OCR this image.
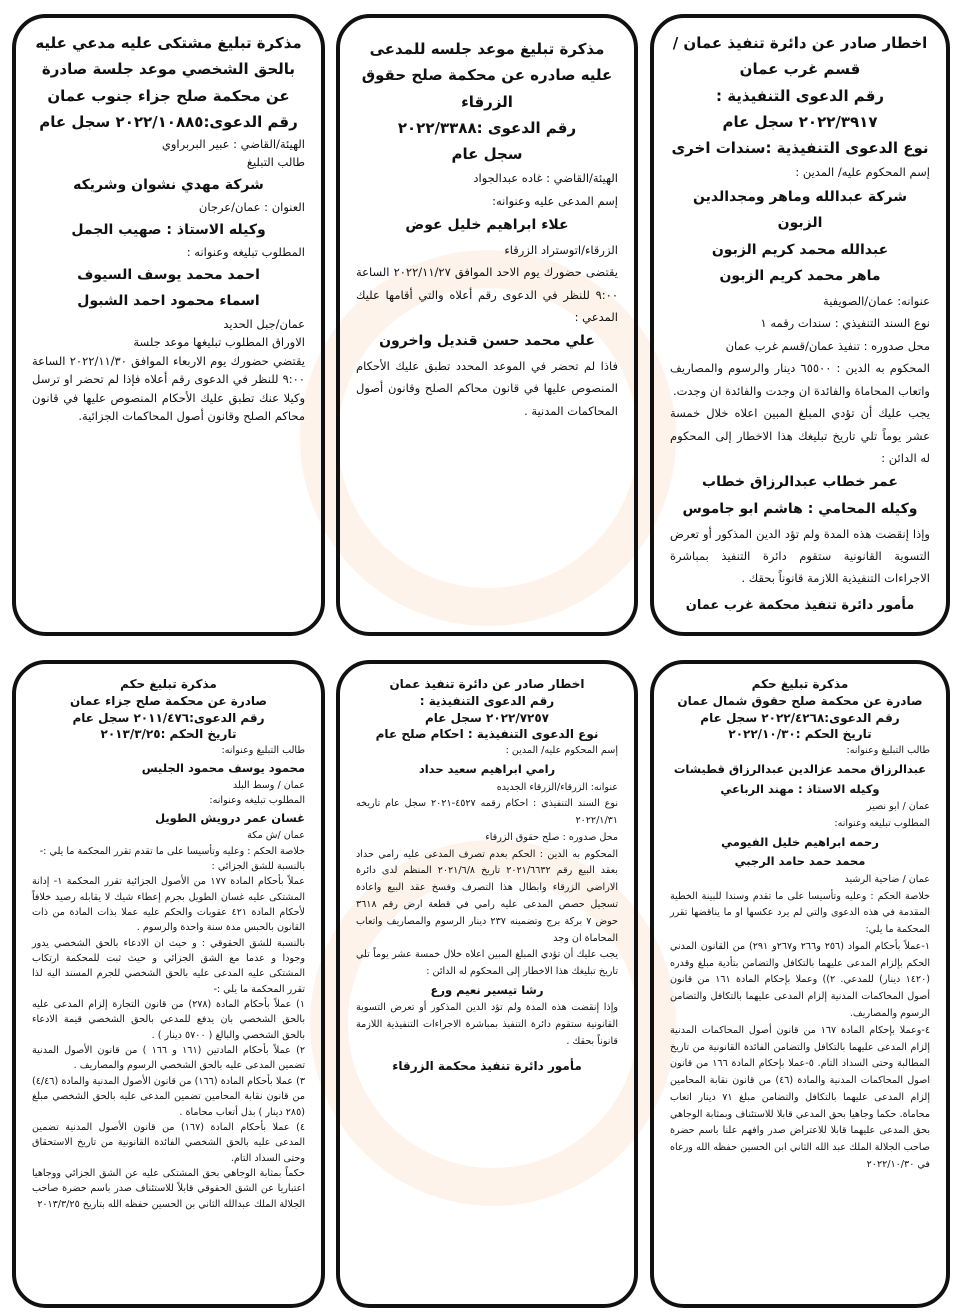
اخطار صادر عن دائرة تنفيذ عمان / قسم غرب عمان

رقم الدعوى التنفيذية :

٢٠٢٢/٣٩١٧ سجل عام

نوع الدعوى التنفيذية :سندات اخرى

إسم المحكوم عليه/ المدين :

شركة عبدالله وماهر ومجدالدين الزبون

عبدالله محمد كريم الزبون

ماهر محمد كريم الزبون

عنوانه: عمان/الصويفية

نوع السند التنفيذي : سندات رقمه ١

محل صدوره : تنفيذ عمان/قسم غرب عمان

المحكوم به الدين : ٦٥٥٠٠ دينار والرسوم والمصاريف واتعاب المحاماة والفائدة ان وجدت والفائدة ان وجدت.

يجب عليك أن تؤدي المبلغ المبين اعلاه خلال خمسة عشر يوماً تلي تاريخ تبليغك هذا الاخطار إلى المحكوم له الدائن :

عمر خطاب عبدالرزاق خطاب

وكيله المحامي : هاشم ابو جاموس

وإذا إنقضت هذه المدة ولم تؤد الدين المذكور أو تعرض التسوية القانونية ستقوم دائرة التنفيذ بمباشرة الاجراءات التنفيذية اللازمة قانوناً بحقك .

مأمور دائرة تنفيذ محكمة غرب عمان

مذكرة تبليغ موعد جلسه للمدعى عليه صادره عن محكمة صلح حقوق الزرقاء

رقم الدعوى :٢٠٢٢/٣٣٨٨

سجل عام

الهيئة/القاضي : غاده عبدالجواد

إسم المدعى عليه وعنوانه:

علاء ابراهيم خليل عوض

الزرقاء/اتوستراد الزرقاء

يقتضى حضورك يوم الاحد الموافق ٢٠٢٢/١١/٢٧ الساعة ٩:٠٠ للنظر في الدعوى رقم أعلاه والتي أقامها عليك المدعي :

علي محمد حسن قنديل واخرون

فاذا لم تحضر في الموعد المحدد تطبق عليك الأحكام المنصوص عليها في قانون محاكم الصلح وقانون أصول المحاكمات المدنية .

مذكرة تبليغ مشتكى عليه مدعي عليه بالحق الشخصي موعد جلسة صادرة عن محكمة صلح جزاء جنوب عمان

رقم الدعوى:٢٠٢٢/١٠٨٨٥ سجل عام

الهيئة/القاضي : عبير البربراوي

طالب التبليغ

شركة مهدي نشوان وشريكه

العنوان : عمان/عرجان

وكيله الاستاذ : صهيب الجمل

المطلوب تبليغه وعنوانه :

احمد محمد يوسف السيوف

اسماء محمود احمد الشبول

عمان/جبل الحديد

الاوراق المطلوب تبليغها موعد جلسة

يقتضي حضورك يوم الاربعاء الموافق ٢٠٢٢/١١/٣٠ الساعة ٩:٠٠ للنظر في الدعوى رقم أعلاه فإذا لم تحضر او ترسل وكيلا عنك تطبق عليك الأحكام المنصوص عليها في قانون محاكم الصلح وقانون أصول المحاكمات الجزائية.

مذكرة تبليغ حكم

صادرة عن محكمة صلح حقوق شمال عمان

رقم الدعوى:٢٠٢٢/٤٢٦٨ سجل عام

تاريخ الحكم :٢٠٢٢/١٠/٣٠

طالب التبليغ وعنوانه:

عبدالرزاق محمد عزالدين عبدالرزاق قطيشات

وكيله الاستاذ : مهند الرباعي

عمان / ابو نصير

المطلوب تبليغه وعنوانه:

رحمه ابراهيم خليل الفيومي

محمد حمد حامد الرجبي

عمان / ضاحية الرشيد

خلاصة الحكم : وعليه وتأسيسا على ما تقدم وسندا للبينة الخطية المقدمة في هذه الدعوى والتي لم يرد عكسها او ما يناقضها تقرر المحكمة ما يلي:

١-عملاً بأحكام المواد (٢٥٦ و٢٦٦ و٢٦٧و ٢٩١) من القانون المدني الحكم بإلزام المدعى عليهما بالتكافل والتضامن بتأدية مبلغ وقدره (١٤٢٠ دينار) للمدعي. ٢)) وعملا بإحكام المادة ١٦١ من قانون أصول المحاكمات المدنية إلزام المدعى عليهما بالتكافل والتضامن الرسوم والمصاريف.

٤-وعملا بإحكام المادة ١٦٧ من قانون أصول المحاكمات المدنية إلزام المدعى عليهما بالتكافل والتضامن الفائدة القانونية من تاريخ المطالبة وحتى السداد التام. ٥-عملا بإحكام المادة ١٦٦ من قانون اصول المحاكمات المدنية والمادة (٤٦) من قانون نقابة المحامين إلزام المدعى عليهما بالتكافل والتضامن مبلغ ٧١ دينار اتعاب محاماة. حكما وجاهيا بحق المدعي قابلا للاستئناف وبمثابة الوجاهي بحق المدعى عليهما قابلا للاعتراض صدر وافهم علنا باسم حضرة صاحب الجلالة الملك عبد الله الثاني ابن الحسين حفظه الله ورعاه في ٢٠٢٢/١٠/٣٠

اخطار صادر عن دائرة تنفيذ عمان

رقم الدعوى التنفيذية :

٢٠٢٢/٧٢٥٧ سجل عام

نوع الدعوى التنفيذية : احكام صلح عام

إسم المحكوم عليه/ المدين :

رامي ابراهيم سعيد حداد

عنوانه: الزرقاء/الزرقاء الجديده

نوع السند التنفيذي : احكام رقمه ٤٥٢٧-٢٠٢١ سجل عام تاريخه ٢٠٢٢/١/٣١

محل صدوره : صلح حقوق الزرقاء

المحكوم به الدين : الحكم بعدم تصرف المدعى عليه رامي حداد بعقد البيع رقم ٢٠٢١/٦٦٣٢ تاريخ ٢٠٢١/٦/٨ المنظم لدى دائرة الاراضي الزرقاء وابطال هذا التصرف وفسخ عقد البيع واعادة تسجيل حصص المدعى عليه رامي في قطعة ارض رقم ٣٦١٨ حوض ٧ بركة برج وتضمينه ٢٣٧ دينار الرسوم والمصاريف واتعاب المحاماة ان وجد

يجب عليك أن تؤدي المبلغ المبين اعلاه خلال خمسة عشر يوماً تلي تاريخ تبليغك هذا الاخطار إلى المحكوم له الدائن :

رشا تيسير نعيم ورع

وإذا إنقضت هذه المدة ولم تؤد الدين المذكور أو تعرض التسوية القانونية ستقوم دائرة التنفيذ بمباشرة الاجراءات التنفيذية اللازمة قانوناً بحقك .

مأمور دائرة تنفيذ محكمة الزرقاء

مذكرة تبليغ حكم

صادرة عن محكمة صلح جزاء عمان

رقم الدعوى:٢٠١١/٤٧٦ سجل عام

تاريخ الحكم :٢٠١٣/٣/٢٥

طالب التبليغ وعنوانه:

محمود يوسف محمود الجليس

عمان / وسط البلد

المطلوب تبليغه وعنوانه:

غسان عمر درويش الطويل

عمان /ش مكة

خلاصة الحكم : وعليه وتأسيسا على ما تقدم تقرر المحكمة ما يلي :-

بالنسبة للشق الجزائي :

عملاً بأحكام المادة ١٧٧ من الأصول الجزائية تقرر المحكمة ١- إدانة المشتكى عليه غسان الطويل بجرم إعطاء شيك لا يقابله رصيد خلافاً لأحكام المادة ٤٢١ عقوبات والحكم عليه عملا بذات المادة من ذات القانون بالحبس مدة سنة واحدة والرسوم .

بالنسبة للشق الحقوقي : و حيث ان الادعاء بالحق الشخصي يدور وجودا و عدما مع الشق الجزائي و حيث ثبت للمحكمة ارتكاب المشتكى عليه المدعى عليه بالحق الشخصي للجرم المسند اليه لذا تقرر المحكمة ما يلي :-

١) عملاً بأحكام المادة (٢٧٨) من قانون التجارة إلزام المدعى عليه بالحق الشخصي بان يدفع للمدعي بالحق الشخصي قيمة الادعاء بالحق الشخصي والبالغ ( ٥٧٠٠ دينار ) .

٢) عملاً بأحكام المادتين (١٦١ و ١٦٦ ) من قانون الأصول المدنية تضمين المدعى عليه بالحق الشخصي الرسوم والمصاريف .

٣) عملا بأحكام المادة (١٦٦) من قانون الأصول المدنية والمادة (٤/٤٦) من قانون نقابة المحامين تضمين المدعى عليه بالحق الشخصي مبلغ (٢٨٥ دينار ) بدل أتعاب محاماة .

٤) عملا بأحكام المادة (١٦٧) من قانون الأصول المدنية تضمين المدعى عليه بالحق الشخصي الفائدة القانونية من تاريخ الاستحقاق وحتى السداد التام.

حكماً بمثابة الوجاهي بحق المشتكى عليه عن الشق الجزائي ووجاهيا اعتباريا عن الشق الحقوقي قابلاً للاستئناف صدر باسم حضرة صاحب الجلالة الملك عبدالله الثاني بن الحسين حفظه الله بتاريخ ٢٠١٣/٣/٢٥
